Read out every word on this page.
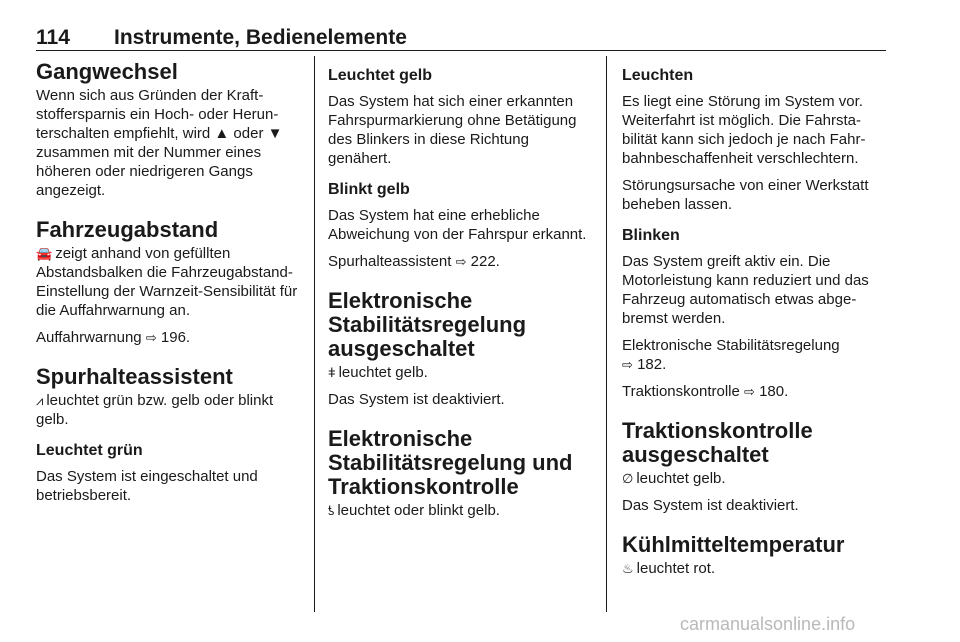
114 Instrumente, Bedienelemente
Gangwechsel

Wenn sich aus Gründen der Kraftstoffersparnis ein Hoch- oder Herunterschalten empfiehlt, wird ▲ oder ▼ zusammen mit der Nummer eines höheren oder niedrigeren Gangs angezeigt.

Fahrzeugabstand

🚘 zeigt anhand von gefüllten Abstandsbalken die Fahrzeugabstand-Einstellung der Warnzeit-Sensibilität für die Auffahrwarnung an.

Auffahrwarnung ⇨ 196.

Spurhalteassistent

⩘ leuchtet grün bzw. gelb oder blinkt gelb.

Leuchtet grün

Das System ist eingeschaltet und betriebsbereit.

Leuchtet gelb

Das System hat sich einer erkannten Fahrspurmarkierung ohne Betätigung des Blinkers in diese Richtung genähert.

Blinkt gelb

Das System hat eine erhebliche Abweichung von der Fahrspur erkannt.

Spurhalteassistent ⇨ 222.

Elektronische Stabilitätsregelung ausgeschaltet

ǂ leuchtet gelb.

Das System ist deaktiviert.

Elektronische Stabilitätsregelung und Traktionskontrolle

ƾ leuchtet oder blinkt gelb.

Leuchten

Es liegt eine Störung im System vor. Weiterfahrt ist möglich. Die Fahrstabilität kann sich jedoch je nach Fahrbahnbeschaffenheit verschlechtern.

Störungsursache von einer Werkstatt beheben lassen.

Blinken

Das System greift aktiv ein. Die Motorleistung kann reduziert und das Fahrzeug automatisch etwas abgebremst werden.

Elektronische Stabilitätsregelung
⇨ 182.

Traktionskontrolle ⇨ 180.

Traktionskontrolle ausgeschaltet

∅ leuchtet gelb.

Das System ist deaktiviert.

Kühlmitteltemperatur

♨ leuchtet rot.

carmanualsonline.info
